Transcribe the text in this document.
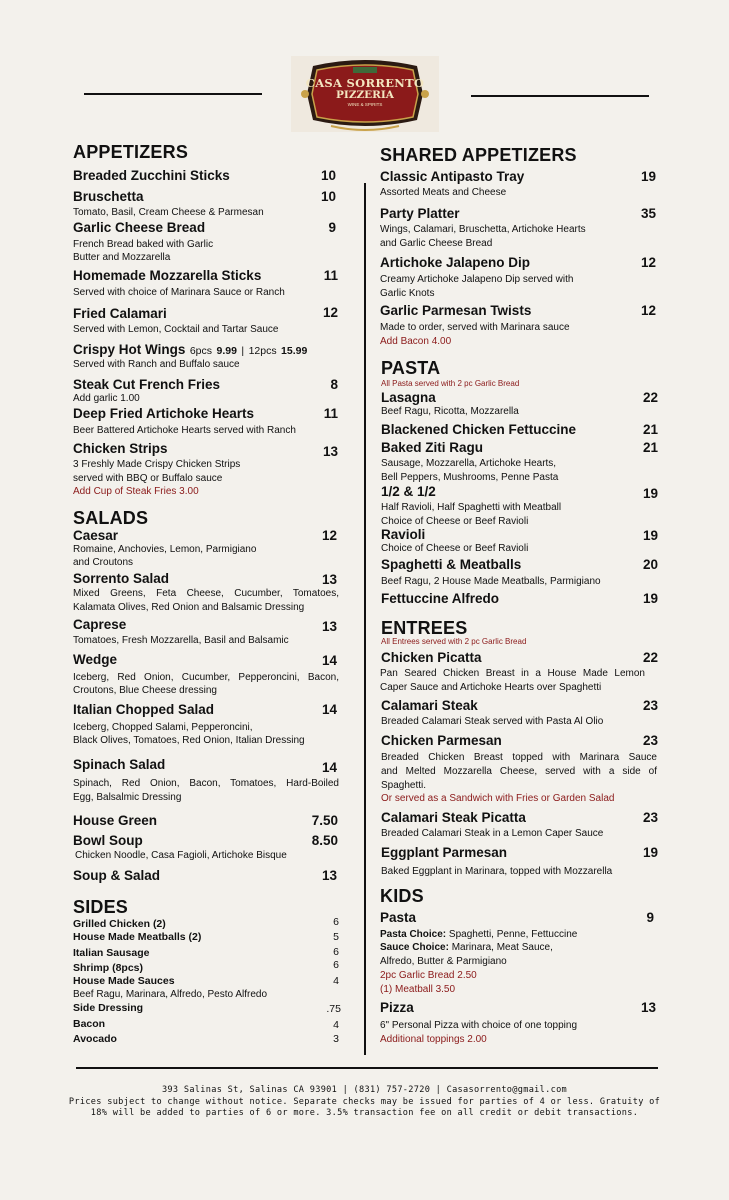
CASA SORRENTO
PIZZERIA
WINE & SPIRITS
APPETIZERS
Breaded Zucchini Sticks	10
Bruschetta	10
Tomato, Basil, Cream Cheese & Parmesan
Garlic Cheese Bread	9
French Bread baked with Garlic
Butter and Mozzarella
Homemade Mozzarella Sticks	11
Served with choice of Marinara Sauce or Ranch
Fried Calamari	12
Served with Lemon, Cocktail and Tartar Sauce
Crispy Hot Wings 6pcs 9.99 | 12pcs 15.99
Served with Ranch and Buffalo sauce
Steak Cut French Fries	8
Add garlic 1.00
Deep Fried Artichoke Hearts	11
Beer Battered Artichoke Hearts served with Ranch
Chicken Strips	13
3 Freshly Made Crispy Chicken Strips
served with BBQ or Buffalo sauce
Add Cup of Steak Fries 3.00
SALADS
Caesar	12
Romaine, Anchovies, Lemon, Parmigiano
and Croutons
Sorrento Salad	13
Mixed Greens, Feta Cheese, Cucumber, Tomatoes,
Kalamata Olives, Red Onion and Balsamic Dressing
Caprese	13
Tomatoes, Fresh Mozzarella, Basil and Balsamic
Wedge	14
Iceberg, Red Onion, Cucumber, Pepperoncini, Bacon,
Croutons, Blue Cheese dressing
Italian Chopped Salad	14
Iceberg, Chopped Salami, Pepperoncini,
Black Olives, Tomatoes, Red Onion, Italian Dressing
Spinach Salad	14
Spinach, Red Onion, Bacon, Tomatoes, Hard-Boiled
Egg, Balsalmic Dressing
House Green	7.50
Bowl Soup	8.50
Chicken Noodle, Casa Fagioli, Artichoke Bisque
Soup & Salad	13
SIDES
Grilled Chicken (2)	6
House Made Meatballs (2)	5
Italian Sausage	6
Shrimp (8pcs)	6
House Made Sauces	4
Beef Ragu, Marinara, Alfredo, Pesto Alfredo
Side Dressing	.75
Bacon	4
Avocado	3
SHARED APPETIZERS
Classic Antipasto Tray	19
Assorted Meats and Cheese
Party Platter	35
Wings, Calamari, Bruschetta, Artichoke Hearts
and Garlic Cheese Bread
Artichoke Jalapeno Dip	12
Creamy Artichoke Jalapeno Dip served with
Garlic Knots
Garlic Parmesan Twists	12
Made to order, served with Marinara sauce
Add Bacon 4.00
PASTA
All Pasta served with 2 pc Garlic Bread
Lasagna	22
Beef Ragu, Ricotta, Mozzarella
Blackened Chicken Fettuccine	21
Baked Ziti Ragu	21
Sausage, Mozzarella, Artichoke Hearts,
Bell Peppers, Mushrooms, Penne Pasta
1/2 & 1/2	19
Half Ravioli, Half Spaghetti with Meatball
Choice of Cheese or Beef Ravioli
Ravioli	19
Choice of Cheese or Beef Ravioli
Spaghetti & Meatballs	20
Beef Ragu, 2 House Made Meatballs, Parmigiano
Fettuccine Alfredo	19
ENTREES
All Entrees served with 2 pc Garlic Bread
Chicken Picatta	22
Pan Seared Chicken Breast in a House Made Lemon
Caper Sauce and Artichoke Hearts over Spaghetti
Calamari Steak	23
Breaded Calamari Steak served with Pasta Al Olio
Chicken Parmesan	23
Breaded Chicken Breast topped with Marinara Sauce
and Melted Mozzarella Cheese, served with a side of
Spaghetti.
Or served as a Sandwich with Fries or Garden Salad
Calamari Steak Picatta	23
Breaded Calamari Steak in a Lemon Caper Sauce
Eggplant Parmesan	19
Baked Eggplant in Marinara, topped with Mozzarella
KIDS
Pasta	9
Pasta Choice: Spaghetti, Penne, Fettuccine
Sauce Choice: Marinara, Meat Sauce,
Alfredo, Butter & Parmigiano
2pc Garlic Bread 2.50
(1) Meatball 3.50
Pizza	13
6" Personal Pizza with choice of one topping
Additional toppings 2.00
393 Salinas St, Salinas CA 93901 | (831) 757-2720 | Casasorrento@gmail.com
Prices subject to change without notice. Separate checks may be issued for parties of 4 or less. Gratuity of
18% will be added to parties of 6 or more. 3.5% transaction fee on all credit or debit transactions.
